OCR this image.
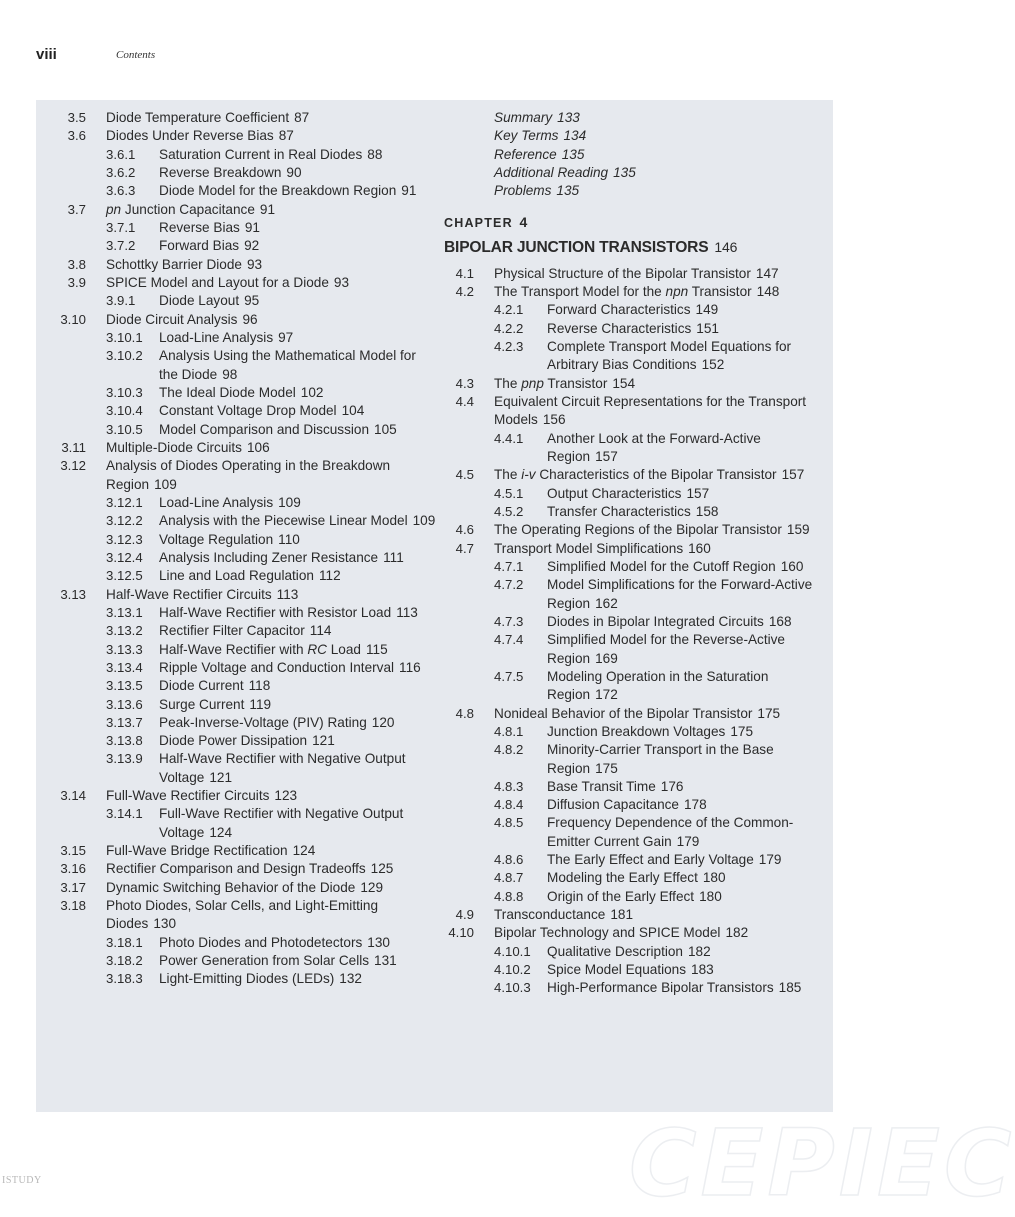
viii	Contents
3.5 Diode Temperature Coefficient 87
3.6 Diodes Under Reverse Bias 87
3.6.1 Saturation Current in Real Diodes 88
3.6.2 Reverse Breakdown 90
3.6.3 Diode Model for the Breakdown Region 91
3.7 pn Junction Capacitance 91
3.7.1 Reverse Bias 91
3.7.2 Forward Bias 92
3.8 Schottky Barrier Diode 93
3.9 SPICE Model and Layout for a Diode 93
3.9.1 Diode Layout 95
3.10 Diode Circuit Analysis 96
3.10.1 Load-Line Analysis 97
3.10.2 Analysis Using the Mathematical Model for the Diode 98
3.10.3 The Ideal Diode Model 102
3.10.4 Constant Voltage Drop Model 104
3.10.5 Model Comparison and Discussion 105
3.11 Multiple-Diode Circuits 106
3.12 Analysis of Diodes Operating in the Breakdown Region 109
3.12.1 Load-Line Analysis 109
3.12.2 Analysis with the Piecewise Linear Model 109
3.12.3 Voltage Regulation 110
3.12.4 Analysis Including Zener Resistance 111
3.12.5 Line and Load Regulation 112
3.13 Half-Wave Rectifier Circuits 113
3.13.1 Half-Wave Rectifier with Resistor Load 113
3.13.2 Rectifier Filter Capacitor 114
3.13.3 Half-Wave Rectifier with RC Load 115
3.13.4 Ripple Voltage and Conduction Interval 116
3.13.5 Diode Current 118
3.13.6 Surge Current 119
3.13.7 Peak-Inverse-Voltage (PIV) Rating 120
3.13.8 Diode Power Dissipation 121
3.13.9 Half-Wave Rectifier with Negative Output Voltage 121
3.14 Full-Wave Rectifier Circuits 123
3.14.1 Full-Wave Rectifier with Negative Output Voltage 124
3.15 Full-Wave Bridge Rectification 124
3.16 Rectifier Comparison and Design Tradeoffs 125
3.17 Dynamic Switching Behavior of the Diode 129
3.18 Photo Diodes, Solar Cells, and Light-Emitting Diodes 130
3.18.1 Photo Diodes and Photodetectors 130
3.18.2 Power Generation from Solar Cells 131
3.18.3 Light-Emitting Diodes (LEDs) 132
Summary 133
Key Terms 134
Reference 135
Additional Reading 135
Problems 135
CHAPTER 4
BIPOLAR JUNCTION TRANSISTORS 146
4.1 Physical Structure of the Bipolar Transistor 147
4.2 The Transport Model for the npn Transistor 148
4.2.1 Forward Characteristics 149
4.2.2 Reverse Characteristics 151
4.2.3 Complete Transport Model Equations for Arbitrary Bias Conditions 152
4.3 The pnp Transistor 154
4.4 Equivalent Circuit Representations for the Transport Models 156
4.4.1 Another Look at the Forward-Active Region 157
4.5 The i-v Characteristics of the Bipolar Transistor 157
4.5.1 Output Characteristics 157
4.5.2 Transfer Characteristics 158
4.6 The Operating Regions of the Bipolar Transistor 159
4.7 Transport Model Simplifications 160
4.7.1 Simplified Model for the Cutoff Region 160
4.7.2 Model Simplifications for the Forward-Active Region 162
4.7.3 Diodes in Bipolar Integrated Circuits 168
4.7.4 Simplified Model for the Reverse-Active Region 169
4.7.5 Modeling Operation in the Saturation Region 172
4.8 Nonideal Behavior of the Bipolar Transistor 175
4.8.1 Junction Breakdown Voltages 175
4.8.2 Minority-Carrier Transport in the Base Region 175
4.8.3 Base Transit Time 176
4.8.4 Diffusion Capacitance 178
4.8.5 Frequency Dependence of the Common-Emitter Current Gain 179
4.8.6 The Early Effect and Early Voltage 179
4.8.7 Modeling the Early Effect 180
4.8.8 Origin of the Early Effect 180
4.9 Transconductance 181
4.10 Bipolar Technology and SPICE Model 182
4.10.1 Qualitative Description 182
4.10.2 Spice Model Equations 183
4.10.3 High-Performance Bipolar Transistors 185
CEPIEC
ISTUDY
